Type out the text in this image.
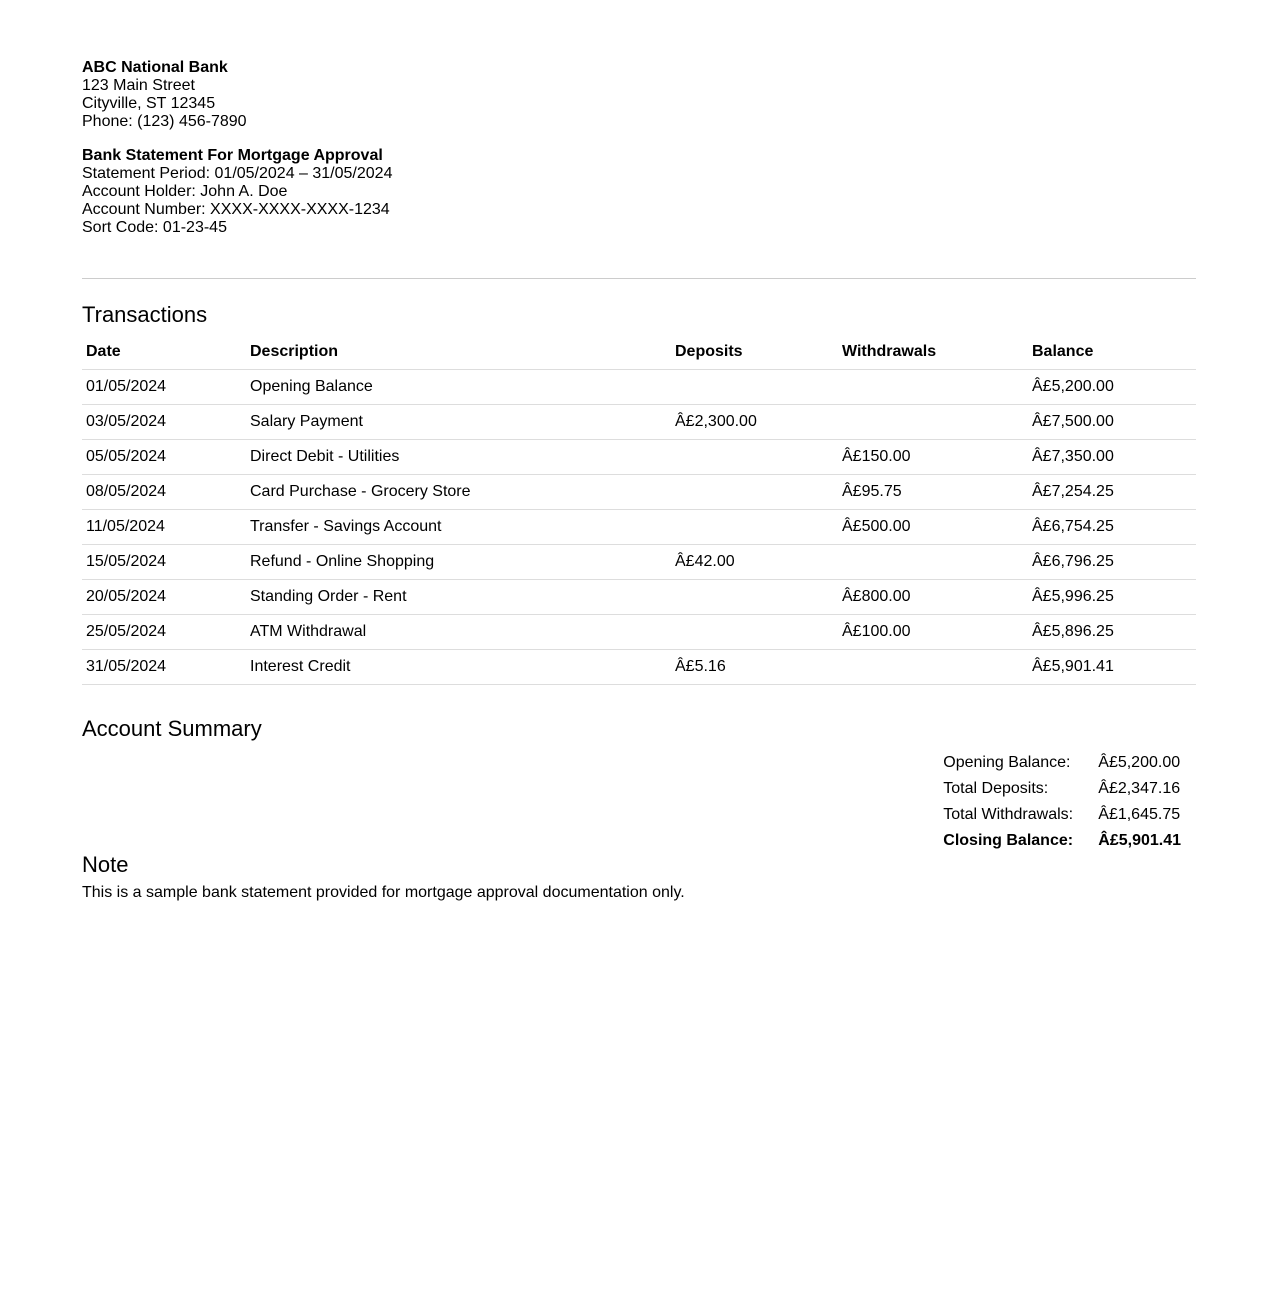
ABC National Bank
123 Main Street
Cityville, ST 12345
Phone: (123) 456-7890
Bank Statement For Mortgage Approval
Statement Period: 01/05/2024 – 31/05/2024
Account Holder: John A. Doe
Account Number: XXXX-XXXX-XXXX-1234
Sort Code: 01-23-45
Transactions
Date	Description	Deposits	Withdrawals	Balance
01/05/2024	Opening Balance			Â£5,200.00
03/05/2024	Salary Payment	Â£2,300.00		Â£7,500.00
05/05/2024	Direct Debit - Utilities		Â£150.00	Â£7,350.00
08/05/2024	Card Purchase - Grocery Store		Â£95.75	Â£7,254.25
11/05/2024	Transfer - Savings Account		Â£500.00	Â£6,754.25
15/05/2024	Refund - Online Shopping	Â£42.00		Â£6,796.25
20/05/2024	Standing Order - Rent		Â£800.00	Â£5,996.25
25/05/2024	ATM Withdrawal		Â£100.00	Â£5,896.25
31/05/2024	Interest Credit	Â£5.16		Â£5,901.41
Account Summary
Opening Balance:	Â£5,200.00
Total Deposits:	Â£2,347.16
Total Withdrawals:	Â£1,645.75
Closing Balance:	Â£5,901.41
Note
This is a sample bank statement provided for mortgage approval documentation only.
